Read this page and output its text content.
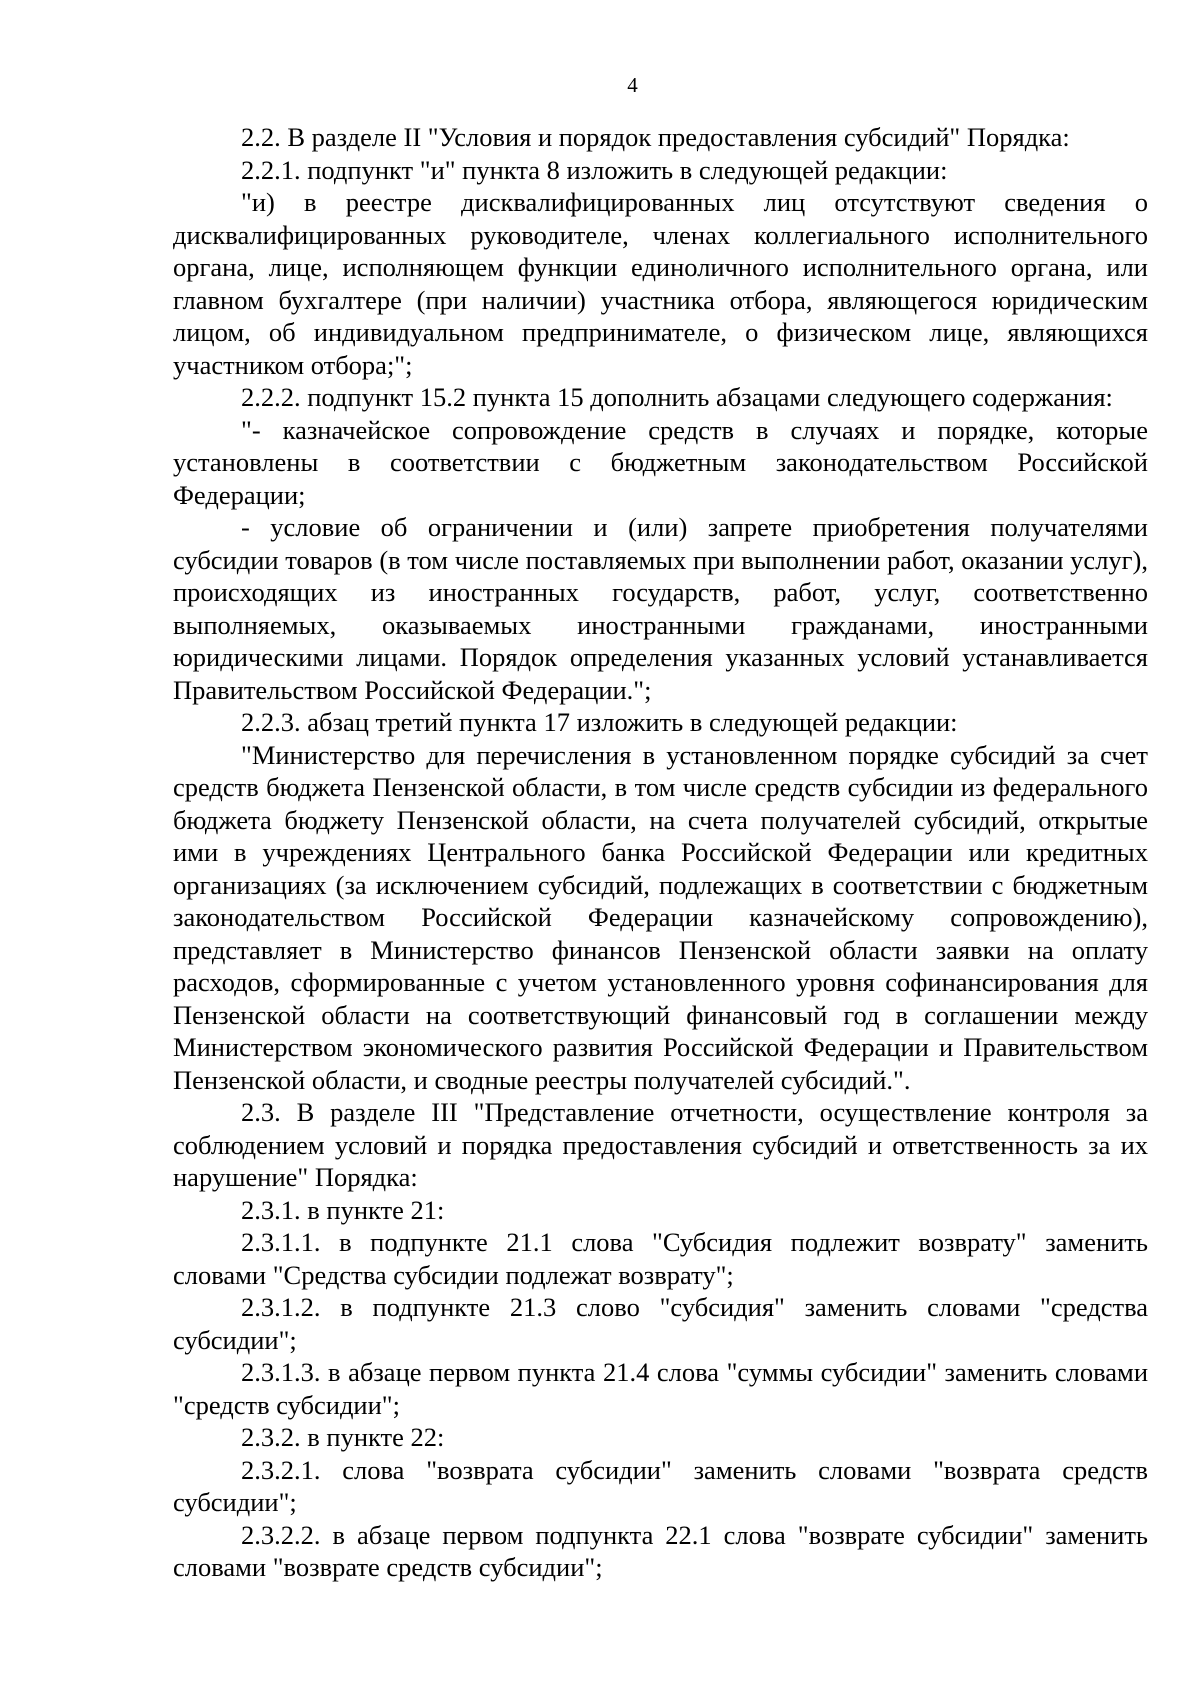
4

2.2. В разделе II "Условия и порядок предоставления субсидий" Порядка:

2.2.1. подпункт "и" пункта 8 изложить в следующей редакции:

"и) в реестре дисквалифицированных лиц отсутствуют сведения о дисквалифицированных руководителе, членах коллегиального исполнительного органа, лице, исполняющем функции единоличного исполнительного органа, или главном бухгалтере (при наличии) участника отбора, являющегося юридическим лицом, об индивидуальном предпринимателе, о физическом лице, являющихся участником отбора;";

2.2.2. подпункт 15.2 пункта 15 дополнить абзацами следующего содержания:

"- казначейское сопровождение средств в случаях и порядке, которые установлены в соответствии с бюджетным законодательством Российской Федерации;

- условие об ограничении и (или) запрете приобретения получателями субсидии товаров (в том числе поставляемых при выполнении работ, оказании услуг), происходящих из иностранных государств, работ, услуг, соответственно выполняемых, оказываемых иностранными гражданами, иностранными юридическими лицами. Порядок определения указанных условий устанавливается Правительством Российской Федерации.";

2.2.3. абзац третий пункта 17 изложить в следующей редакции:

"Министерство для перечисления в установленном порядке субсидий за счет средств бюджета Пензенской области, в том числе средств субсидии из федерального бюджета бюджету Пензенской области, на счета получателей субсидий, открытые ими в учреждениях Центрального банка Российской Федерации или кредитных организациях (за исключением субсидий, подлежащих в соответствии с бюджетным законодательством Российской Федерации казначейскому сопровождению), представляет в Министерство финансов Пензенской области заявки на оплату расходов, сформированные с учетом установленного уровня софинансирования для Пензенской области на соответствующий финансовый год в соглашении между Министерством экономического развития Российской Федерации и Правительством Пензенской области, и сводные реестры получателей субсидий.".

2.3. В разделе III "Представление отчетности, осуществление контроля за соблюдением условий и порядка предоставления субсидий и ответственность за их нарушение" Порядка:

2.3.1. в пункте 21:

2.3.1.1. в подпункте 21.1 слова "Субсидия подлежит возврату" заменить словами "Средства субсидии подлежат возврату";

2.3.1.2. в подпункте 21.3 слово "субсидия" заменить словами "средства субсидии";

2.3.1.3. в абзаце первом пункта 21.4 слова "суммы субсидии" заменить словами "средств субсидии";

2.3.2. в пункте 22:

2.3.2.1. слова "возврата субсидии" заменить словами "возврата средств субсидии";

2.3.2.2. в абзаце первом подпункта 22.1 слова "возврате субсидии" заменить словами "возврате средств субсидии";
